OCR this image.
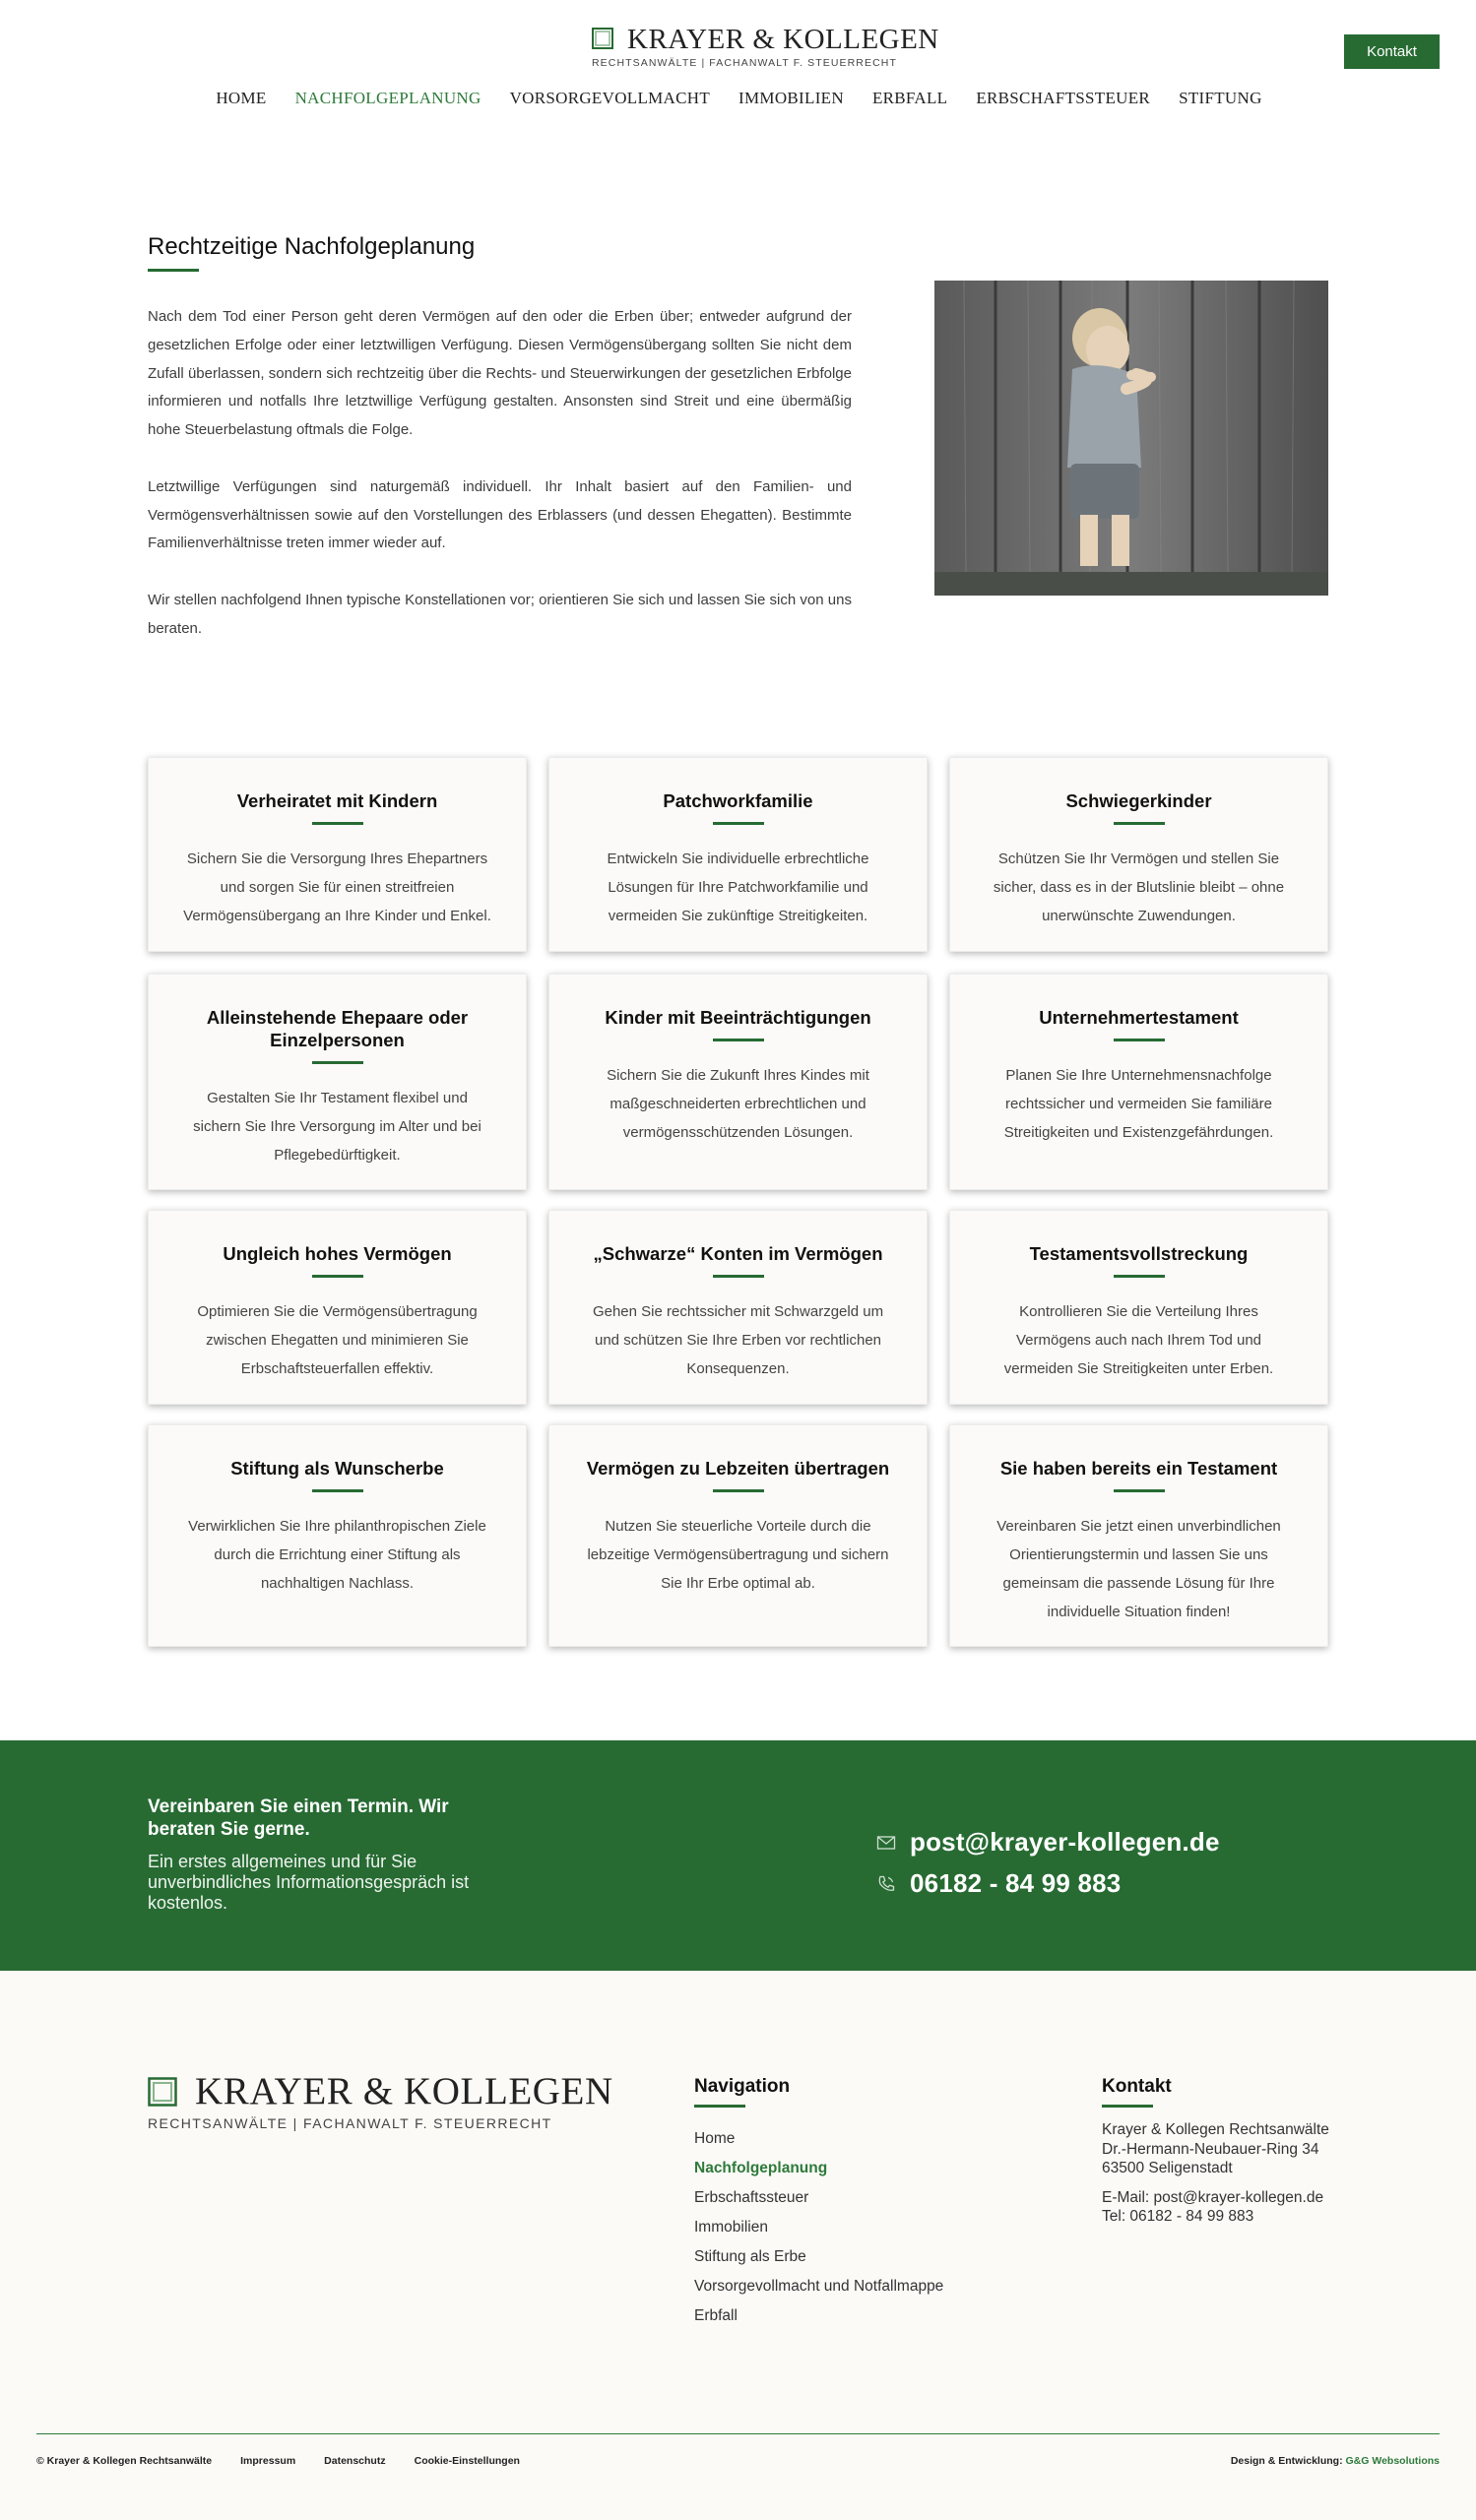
KRAYER & KOLLEGEN
RECHTSANWÄLTE | FACHANWALT F. STEUERRECHT
Kontakt
HOME NACHFOLGEPLANUNG VORSORGEVOLLMACHT IMMOBILIEN ERBFALL ERBSCHAFTSSTEUER STIFTUNG
Rechtzeitige Nachfolgeplanung

Nach dem Tod einer Person geht deren Vermögen auf den oder die Erben über; entweder aufgrund der gesetzlichen Erfolge oder einer letztwilligen Verfügung. Diesen Vermögensübergang sollten Sie nicht dem Zufall überlassen, sondern sich rechtzeitig über die Rechts- und Steuerwirkungen der gesetzlichen Erbfolge informieren und notfalls Ihre letztwillige Verfügung gestalten. Ansonsten sind Streit und eine übermäßig hohe Steuerbelastung oftmals die Folge.

Letztwillige Verfügungen sind naturgemäß individuell. Ihr Inhalt basiert auf den Familien- und Vermögensverhältnissen sowie auf den Vorstellungen des Erblassers (und dessen Ehegatten). Bestimmte Familienverhältnisse treten immer wieder auf.

Wir stellen nachfolgend Ihnen typische Konstellationen vor; orientieren Sie sich und lassen Sie sich von uns beraten.

Verheiratet mit Kindern

Sichern Sie die Versorgung Ihres Ehepartners und sorgen Sie für einen streitfreien Vermögensübergang an Ihre Kinder und Enkel.

Patchworkfamilie

Entwickeln Sie individuelle erbrechtliche Lösungen für Ihre Patchworkfamilie und vermeiden Sie zukünftige Streitigkeiten.

Schwiegerkinder

Schützen Sie Ihr Vermögen und stellen Sie sicher, dass es in der Blutslinie bleibt – ohne unerwünschte Zuwendungen.

Alleinstehende Ehepaare oder Einzelpersonen

Gestalten Sie Ihr Testament flexibel und sichern Sie Ihre Versorgung im Alter und bei Pflegebedürftigkeit.

Kinder mit Beeinträchtigungen

Sichern Sie die Zukunft Ihres Kindes mit maßgeschneiderten erbrechtlichen und vermögensschützenden Lösungen.

Unternehmertestament

Planen Sie Ihre Unternehmensnachfolge rechtssicher und vermeiden Sie familiäre Streitigkeiten und Existenzgefährdungen.

Ungleich hohes Vermögen

Optimieren Sie die Vermögensübertragung zwischen Ehegatten und minimieren Sie Erbschaftsteuerfallen effektiv.

„Schwarze“ Konten im Vermögen

Gehen Sie rechtssicher mit Schwarzgeld um und schützen Sie Ihre Erben vor rechtlichen Konsequenzen.

Testamentsvollstreckung

Kontrollieren Sie die Verteilung Ihres Vermögens auch nach Ihrem Tod und vermeiden Sie Streitigkeiten unter Erben.

Stiftung als Wunscherbe

Verwirklichen Sie Ihre philanthropischen Ziele durch die Errichtung einer Stiftung als nachhaltigen Nachlass.

Vermögen zu Lebzeiten übertragen

Nutzen Sie steuerliche Vorteile durch die lebzeitige Vermögensübertragung und sichern Sie Ihr Erbe optimal ab.

Sie haben bereits ein Testament

Vereinbaren Sie jetzt einen unverbindlichen Orientierungstermin und lassen Sie uns gemeinsam die passende Lösung für Ihre individuelle Situation finden!

Vereinbaren Sie einen Termin. Wir beraten Sie gerne.
Ein erstes allgemeines und für Sie unverbindliches Informationsgespräch ist kostenlos.
post@krayer-kollegen.de
06182 - 84 99 883
KRAYER & KOLLEGEN
RECHTSANWÄLTE | FACHANWALT F. STEUERRECHT
Navigation
Home
Nachfolgeplanung
Erbschaftssteuer
Immobilien
Stiftung als Erbe
Vorsorgevollmacht und Notfallmappe
Erbfall
Kontakt
Krayer & Kollegen Rechtsanwälte
Dr.-Hermann-Neubauer-Ring 34
63500 Seligenstadt
E-Mail: post@krayer-kollegen.de
Tel: 06182 - 84 99 883
© Krayer & Kollegen Rechtsanwälte	Impressum	Datenschutz	Cookie-Einstellungen	Design & Entwicklung: G&G Websolutions
